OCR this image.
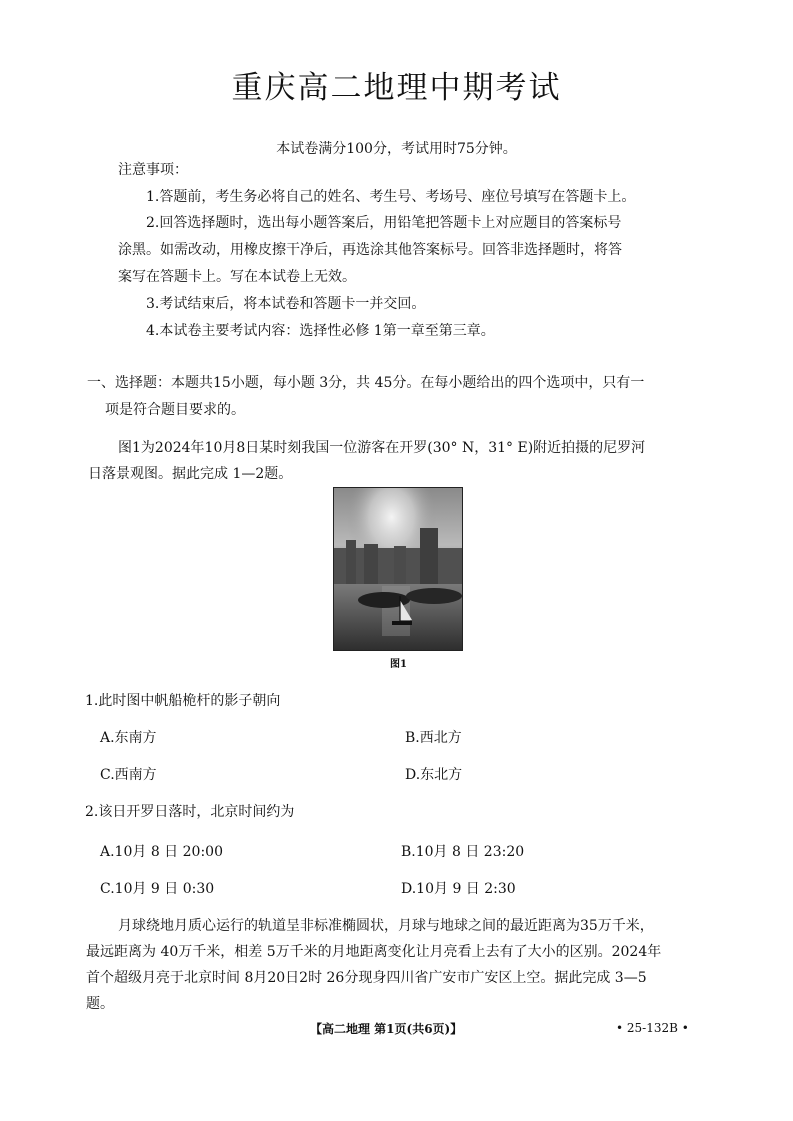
重庆高二地理中期考试
本试卷满分100分，考试用时75分钟。
注意事项：
1.答题前，考生务必将自己的姓名、考生号、考场号、座位号填写在答题卡上。
2.回答选择题时，选出每小题答案后，用铅笔把答题卡上对应题目的答案标号
涂黑。如需改动，用橡皮擦干净后，再选涂其他答案标号。回答非选择题时，将答
案写在答题卡上。写在本试卷上无效。
3.考试结束后，将本试卷和答题卡一并交回。
4.本试卷主要考试内容：选择性必修 1第一章至第三章。
一、选择题：本题共15小题，每小题 3分，共 45分。在每小题给出的四个选项中，只有一
项是符合题目要求的。
图1为2024年10月8日某时刻我国一位游客在开罗(30° N，31° E)附近拍摄的尼罗河
日落景观图。据此完成 1—2题。
图1
1.此时图中帆船桅杆的影子朝向
A.东南方	B.西北方
C.西南方	D.东北方
2.该日开罗日落时，北京时间约为
A.10月 8 日 20:00	B.10月 8 日 23:20
C.10月 9 日 0:30	D.10月 9 日 2:30
月球绕地月质心运行的轨道呈非标准椭圆状，月球与地球之间的最近距离为35万千米，
最远距离为 40万千米，相差 5万千米的月地距离变化让月亮看上去有了大小的区别。2024年
首个超级月亮于北京时间 8月20日2时 26分现身四川省广安市广安区上空。据此完成 3—5
题。
【高二地理 第1页(共6页)】	• 25-132B •
